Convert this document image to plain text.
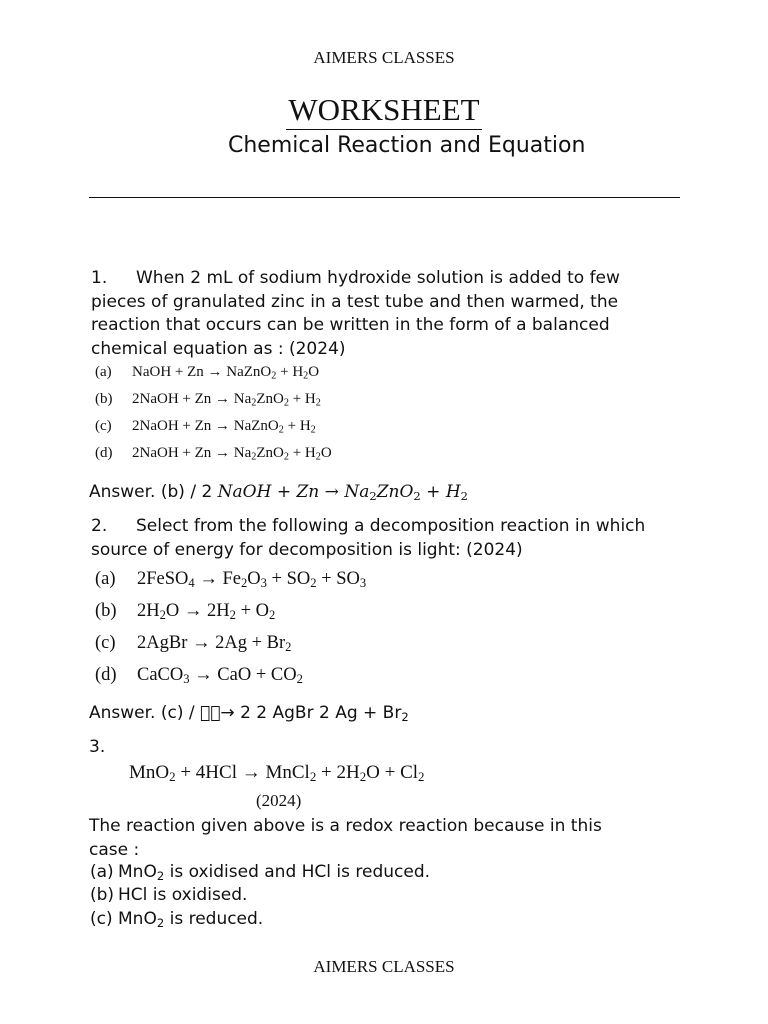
AIMERS CLASSES
WORKSHEET
Chemical Reaction and Equation
1. When 2 mL of sodium hydroxide solution is added to few
pieces of granulated zinc in a test tube and then warmed, the
reaction that occurs can be written in the form of a balanced
chemical equation as : (2024)
(a) NaOH + Zn → NaZnO$_2$ + $H_2O$
(b) 2NaOH + $Zn \to Na_2ZnO_2 + H_2$
(c) 2NaOH + Zn → NaZnO$_2$ + $H_2$
(d) 2NaOH + $Zn \to Na_2ZnO_2 + H_2O$
Answer. (b) / 2 NaOH + $Zn \to Na_2ZnO_2 + H_2$
2. Select from the following a decomposition reaction in which
source of energy for decomposition is light: (2024)
(a) 2FeSO$_4$ → $Fe_2O_3 + SO_2 + SO_3$
(b) $2H_2O \to 2H_2 + O_2$
(c) 2AgBr → $2Ag + Br_2$
(d) CaCO$_3$ → CaO + $CO_2$
Answer. (c) / → 2 2 AgBr 2 $Ag + Br_2$
3.
MnO$_2$ + 4HCl → MnCl$_2$ + $2H_2O + Cl_2$
(2024)
The reaction given above is a redox reaction because in this
case :
(a) MnO$_2$ is oxidised and HCl is reduced.
(b) HCl is oxidised.
(c) MnO$_2$ is reduced.
AIMERS CLASSES
